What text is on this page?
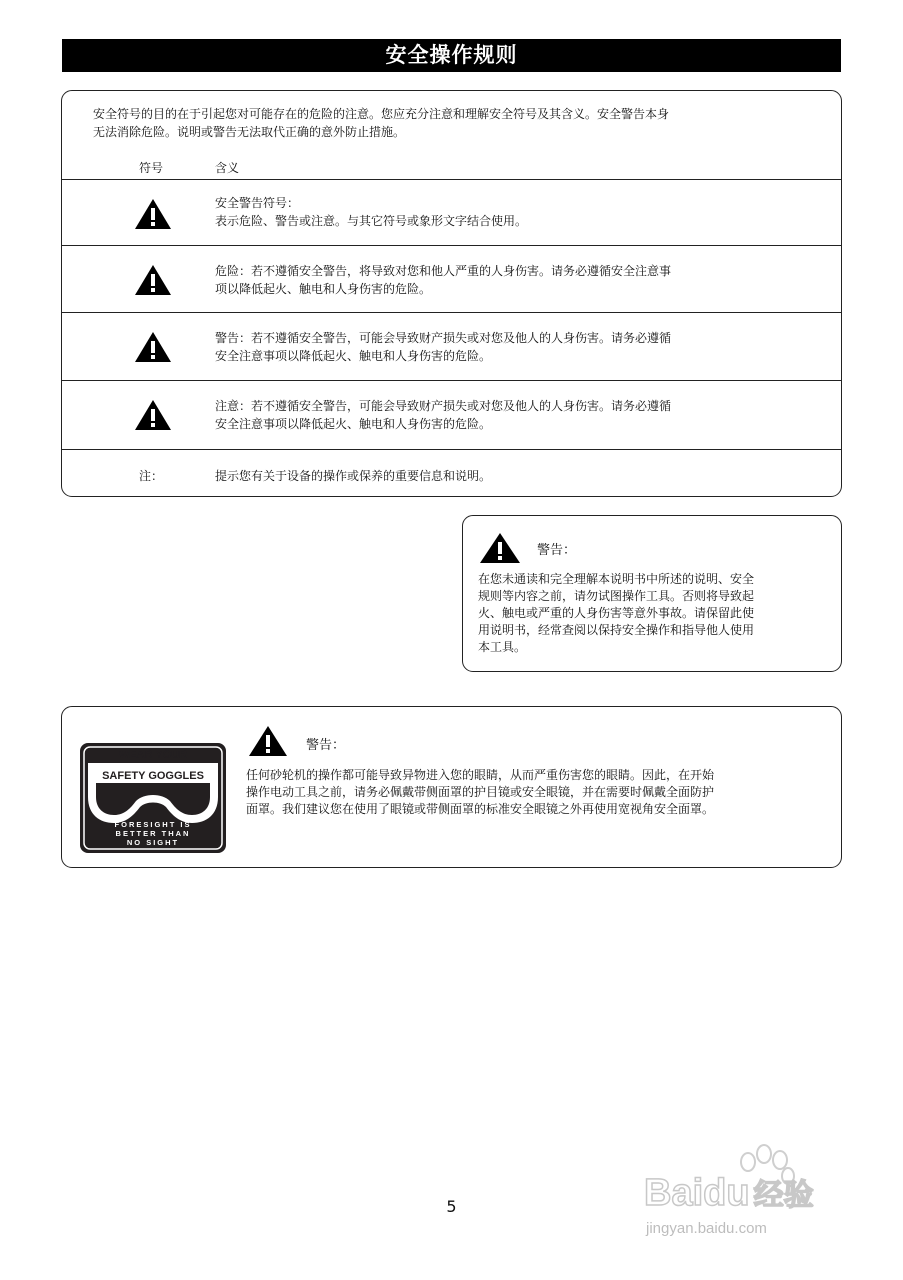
安全操作规则
安全符号的目的在于引起您对可能存在的危险的注意。您应充分注意和理解安全符号及其含义。安全警告本身
无法消除危险。说明或警告无法取代正确的意外防止措施。
符号	含义
安全警告符号：
表示危险、警告或注意。与其它符号或象形文字结合使用。
危险：若不遵循安全警告，将导致对您和他人严重的人身伤害。请务必遵循安全注意事
项以降低起火、触电和人身伤害的危险。
警告：若不遵循安全警告，可能会导致财产损失或对您及他人的人身伤害。请务必遵循
安全注意事项以降低起火、触电和人身伤害的危险。
注意：若不遵循安全警告，可能会导致财产损失或对您及他人的人身伤害。请务必遵循
安全注意事项以降低起火、触电和人身伤害的危险。
注：	提示您有关于设备的操作或保养的重要信息和说明。
警告：
在您未通读和完全理解本说明书中所述的说明、安全
规则等内容之前，请勿试图操作工具。否则将导致起
火、触电或严重的人身伤害等意外事故。请保留此使
用说明书，经常查阅以保持安全操作和指导他人使用
本工具。
WEAR YOUR
SAFETY GOGGLES
FORESIGHT IS
BETTER THAN
NO SIGHT
警告：
任何砂轮机的操作都可能导致异物进入您的眼睛，从而严重伤害您的眼睛。因此，在开始
操作电动工具之前，请务必佩戴带侧面罩的护目镜或安全眼镜，并在需要时佩戴全面防护
面罩。我们建议您在使用了眼镜或带侧面罩的标准安全眼镜之外再使用宽视角安全面罩。
5	Baidu 经验
jingyan.baidu.com
